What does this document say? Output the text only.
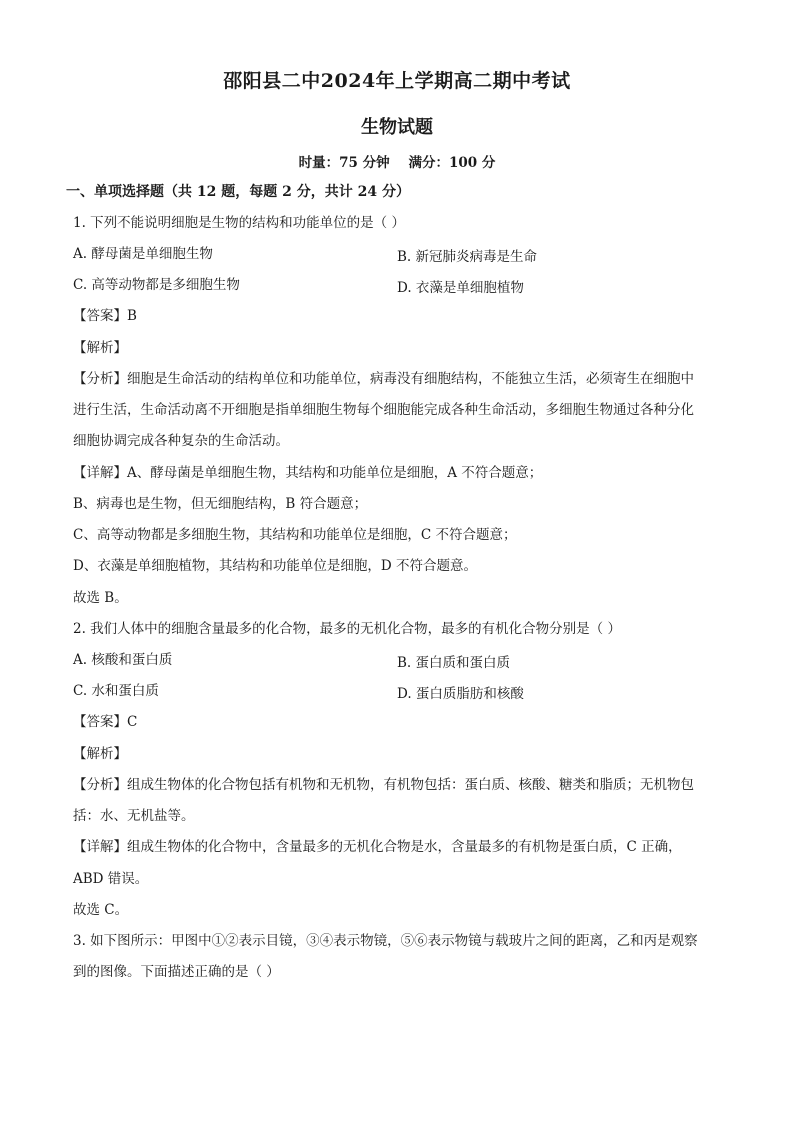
邵阳县二中2024年上学期高二期中考试
生物试题
时量：75 分钟    满分：100 分
一、单项选择题（共 12 题，每题 2 分，共计 24 分）
1. 下列不能说明细胞是生物的结构和功能单位的是（ ）
A. 酵母菌是单细胞生物	B. 新冠肺炎病毒是生命
C. 高等动物都是多细胞生物	D. 衣藻是单细胞植物
【答案】B
【解析】
【分析】细胞是生命活动的结构单位和功能单位，病毒没有细胞结构，不能独立生活，必须寄生在细胞中
进行生活，生命活动离不开细胞是指单细胞生物每个细胞能完成各种生命活动，多细胞生物通过各种分化
细胞协调完成各种复杂的生命活动。
【详解】A、酵母菌是单细胞生物，其结构和功能单位是细胞，A 不符合题意；
B、病毒也是生物，但无细胞结构，B 符合题意；
C、高等动物都是多细胞生物，其结构和功能单位是细胞，C 不符合题意；
D、衣藻是单细胞植物，其结构和功能单位是细胞，D 不符合题意。
故选 B。
2. 我们人体中的细胞含量最多的化合物，最多的无机化合物，最多的有机化合物分别是（ ）
A. 核酸和蛋白质	B. 蛋白质和蛋白质
C. 水和蛋白质	D. 蛋白质脂肪和核酸
【答案】C
【解析】
【分析】组成生物体的化合物包括有机物和无机物，有机物包括：蛋白质、核酸、糖类和脂质；无机物包
括：水、无机盐等。
【详解】组成生物体的化合物中，含量最多的无机化合物是水，含量最多的有机物是蛋白质，C 正确，
ABD 错误。
故选 C。
3. 如下图所示：甲图中①②表示目镜，③④表示物镜，⑤⑥表示物镜与载玻片之间的距离，乙和丙是观察
到的图像。下面描述正确的是（ ）
